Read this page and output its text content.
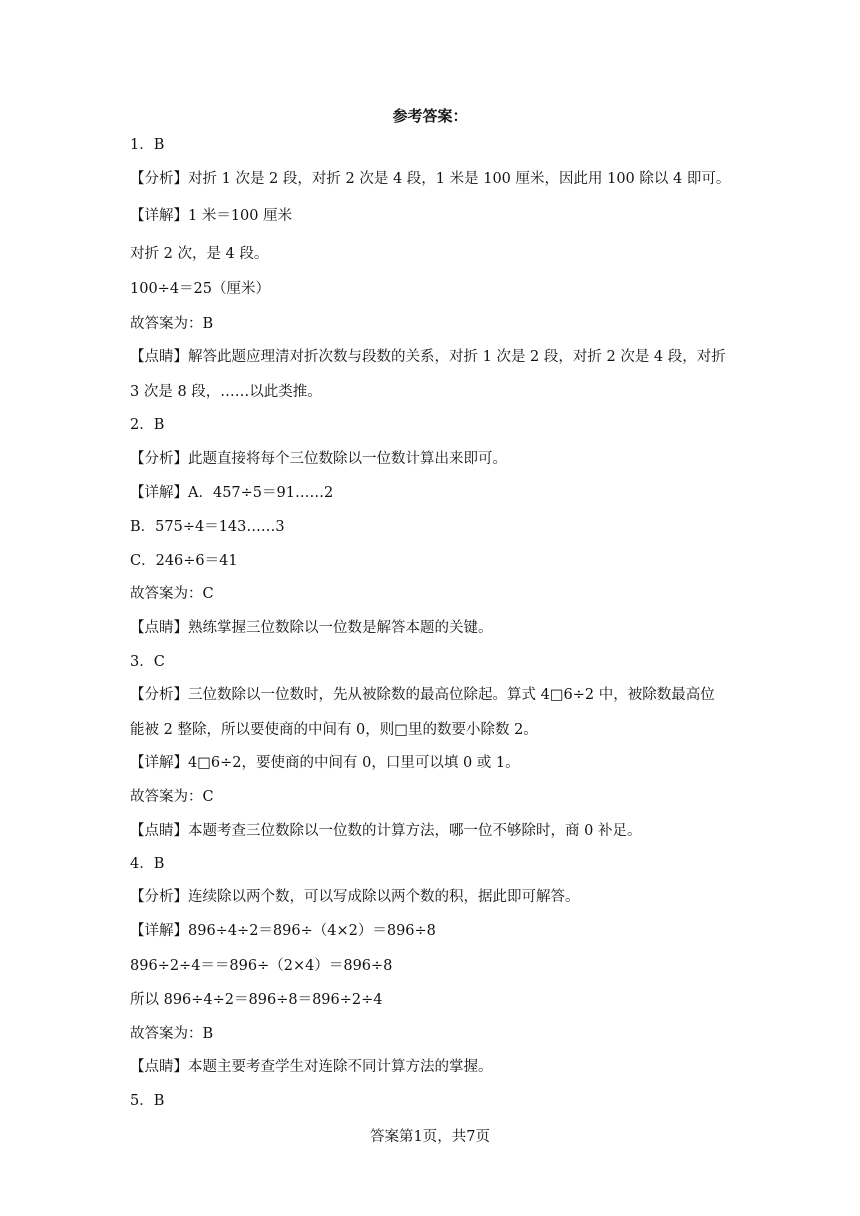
参考答案：
1．B
【分析】对折 1 次是 2 段，对折 2 次是 4 段，1 米是 100 厘米，因此用 100 除以 4 即可。
【详解】1 米＝100 厘米
对折 2 次，是 4 段。
100÷4＝25（厘米）
故答案为：B
【点睛】解答此题应理清对折次数与段数的关系，对折 1 次是 2 段，对折 2 次是 4 段，对折
3 次是 8 段，……以此类推。
2．B
【分析】此题直接将每个三位数除以一位数计算出来即可。
【详解】A．457÷5＝91……2
B．575÷4＝143……3
C．246÷6＝41
故答案为：C
【点睛】熟练掌握三位数除以一位数是解答本题的关键。
3．C
【分析】三位数除以一位数时，先从被除数的最高位除起。算式 4□6÷2 中，被除数最高位
能被 2 整除，所以要使商的中间有 0，则□里的数要小除数 2。
【详解】4□6÷2，要使商的中间有 0，口里可以填 0 或 1。
故答案为：C
【点睛】本题考查三位数除以一位数的计算方法，哪一位不够除时，商 0 补足。
4．B
【分析】连续除以两个数，可以写成除以两个数的积，据此即可解答。
【详解】896÷4÷2＝896÷（4×2）＝896÷8
896÷2÷4＝＝896÷（2×4）＝896÷8
所以 896÷4÷2＝896÷8＝896÷2÷4
故答案为：B
【点睛】本题主要考查学生对连除不同计算方法的掌握。
5．B
答案第1页，共7页
